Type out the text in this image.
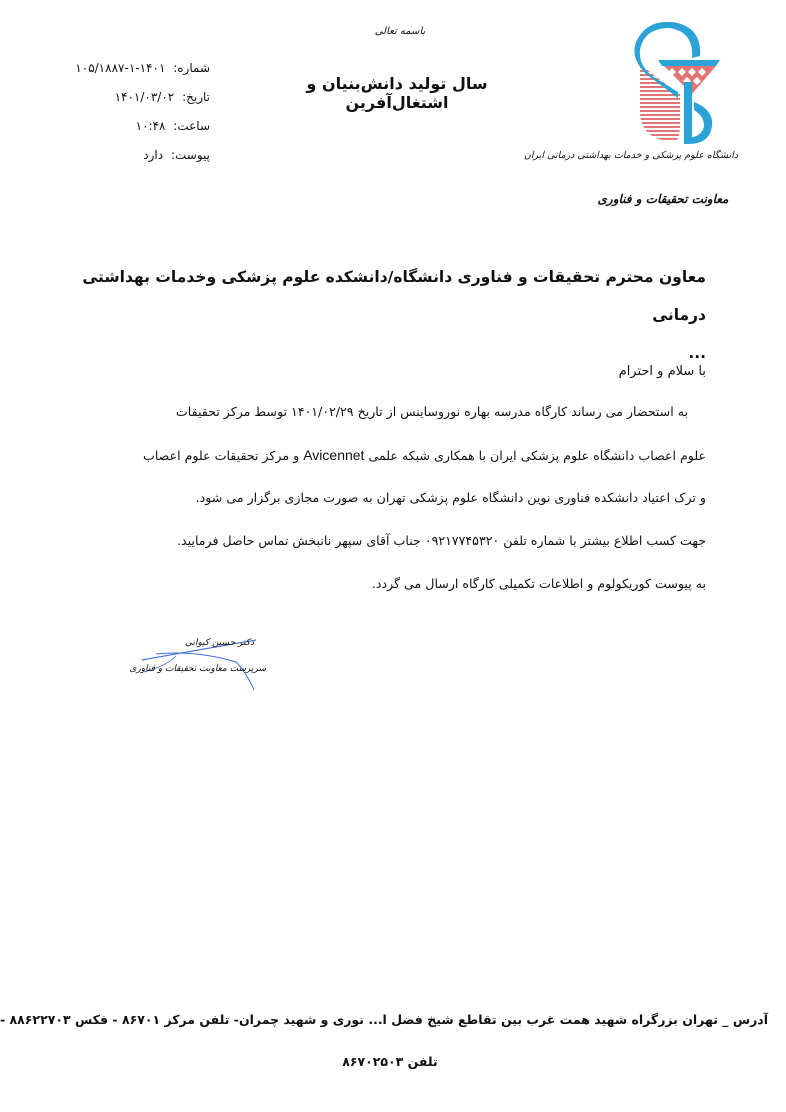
شماره: ۱۴۰۱-۱-۱۰۵/۱۸۸۷
تاریخ: ۱۴۰۱/۰۳/۰۲
ساعت: ۱۰:۴۸
پیوست: دارد
باسمه تعالی
سال تولید دانش‌بنیان و اشتغال‌آفرین
دانشگاه علوم پزشکی و خدمات بهداشتی درمانی ایران
معاونت تحقیقات و فناوری
معاون محترم تحقیقات و فناوری دانشگاه/دانشکده علوم پزشکی وخدمات بهداشتی درمانی
...
با سلام و احترام
به استحضار می رساند کارگاه مدرسه بهاره نوروساینس از تاریخ ۱۴۰۱/۰۲/۲۹ توسط مرکز تحقیقات
علوم اعصاب دانشگاه علوم پزشکی ایران با همکاری شبکه علمی Avicennet و مرکز تحقیقات علوم اعصاب
و ترک اعتیاد دانشکده فناوری نوین دانشگاه علوم پزشکی تهران به صورت مجازی برگزار می شود.
جهت کسب اطلاع بیشتر با شماره تلفن ۰۹۲۱۷۷۴۵۳۲۰ جناب آقای سپهر نانبخش تماس حاصل فرمایید.
به پیوست کوریکولوم و اطلاعات تکمیلی کارگاه ارسال می گردد.
دکتر حسین کیوانی
سرپرست معاونت تحقیقات و فناوری
آدرس _ تهران بزرگراه شهید همت غرب بین تقاطع شیخ فضل ا... نوری و شهید چمران- تلفن مرکز ۸۶۷۰۱ - فکس ۸۸۶۲۲۷۰۳ -
تلفن ۸۶۷۰۲۵۰۳
